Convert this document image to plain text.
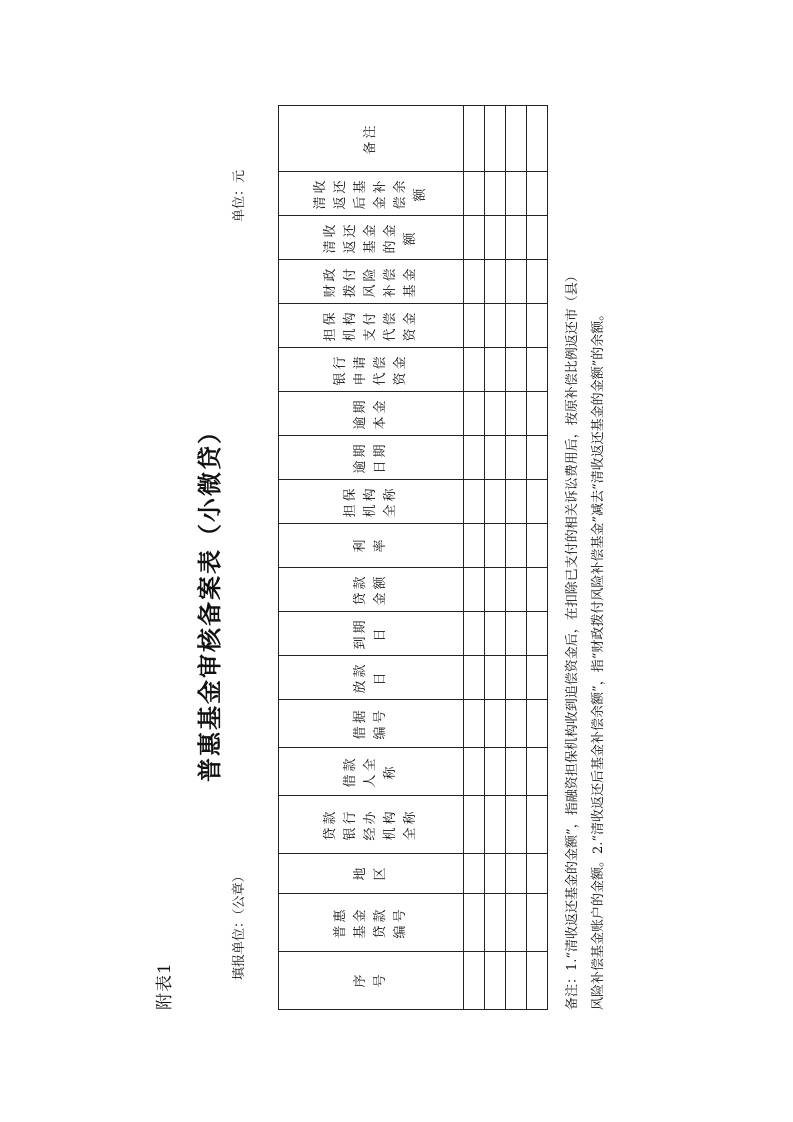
附表1
普惠基金审核备案表（小微贷）
填报单位：（公章）
单位：元
序号	普惠基金贷款编号	地区	贷款银行经办机构全称	借款人全称	借据编号	放款日	到期日	贷款金额	利率	担保机构全称	逾期日期	逾期本金	银行申请代偿资金	担保机构支付代偿资金	财政拨付风险补偿基金	清收返还基金的金额	清收返还后基金补偿余额	备注

备注：1.“清收返还基金的金额”，指融资担保机构收到追偿资金后，在扣除已支付的相关诉讼费用后，按原补偿比例返还市（县） 风险补偿基金账户的金额。2.“清收返还后基金补偿余额”，指“财政拨付风险补偿基金”减去“清收返还基金的金额”的余额。
